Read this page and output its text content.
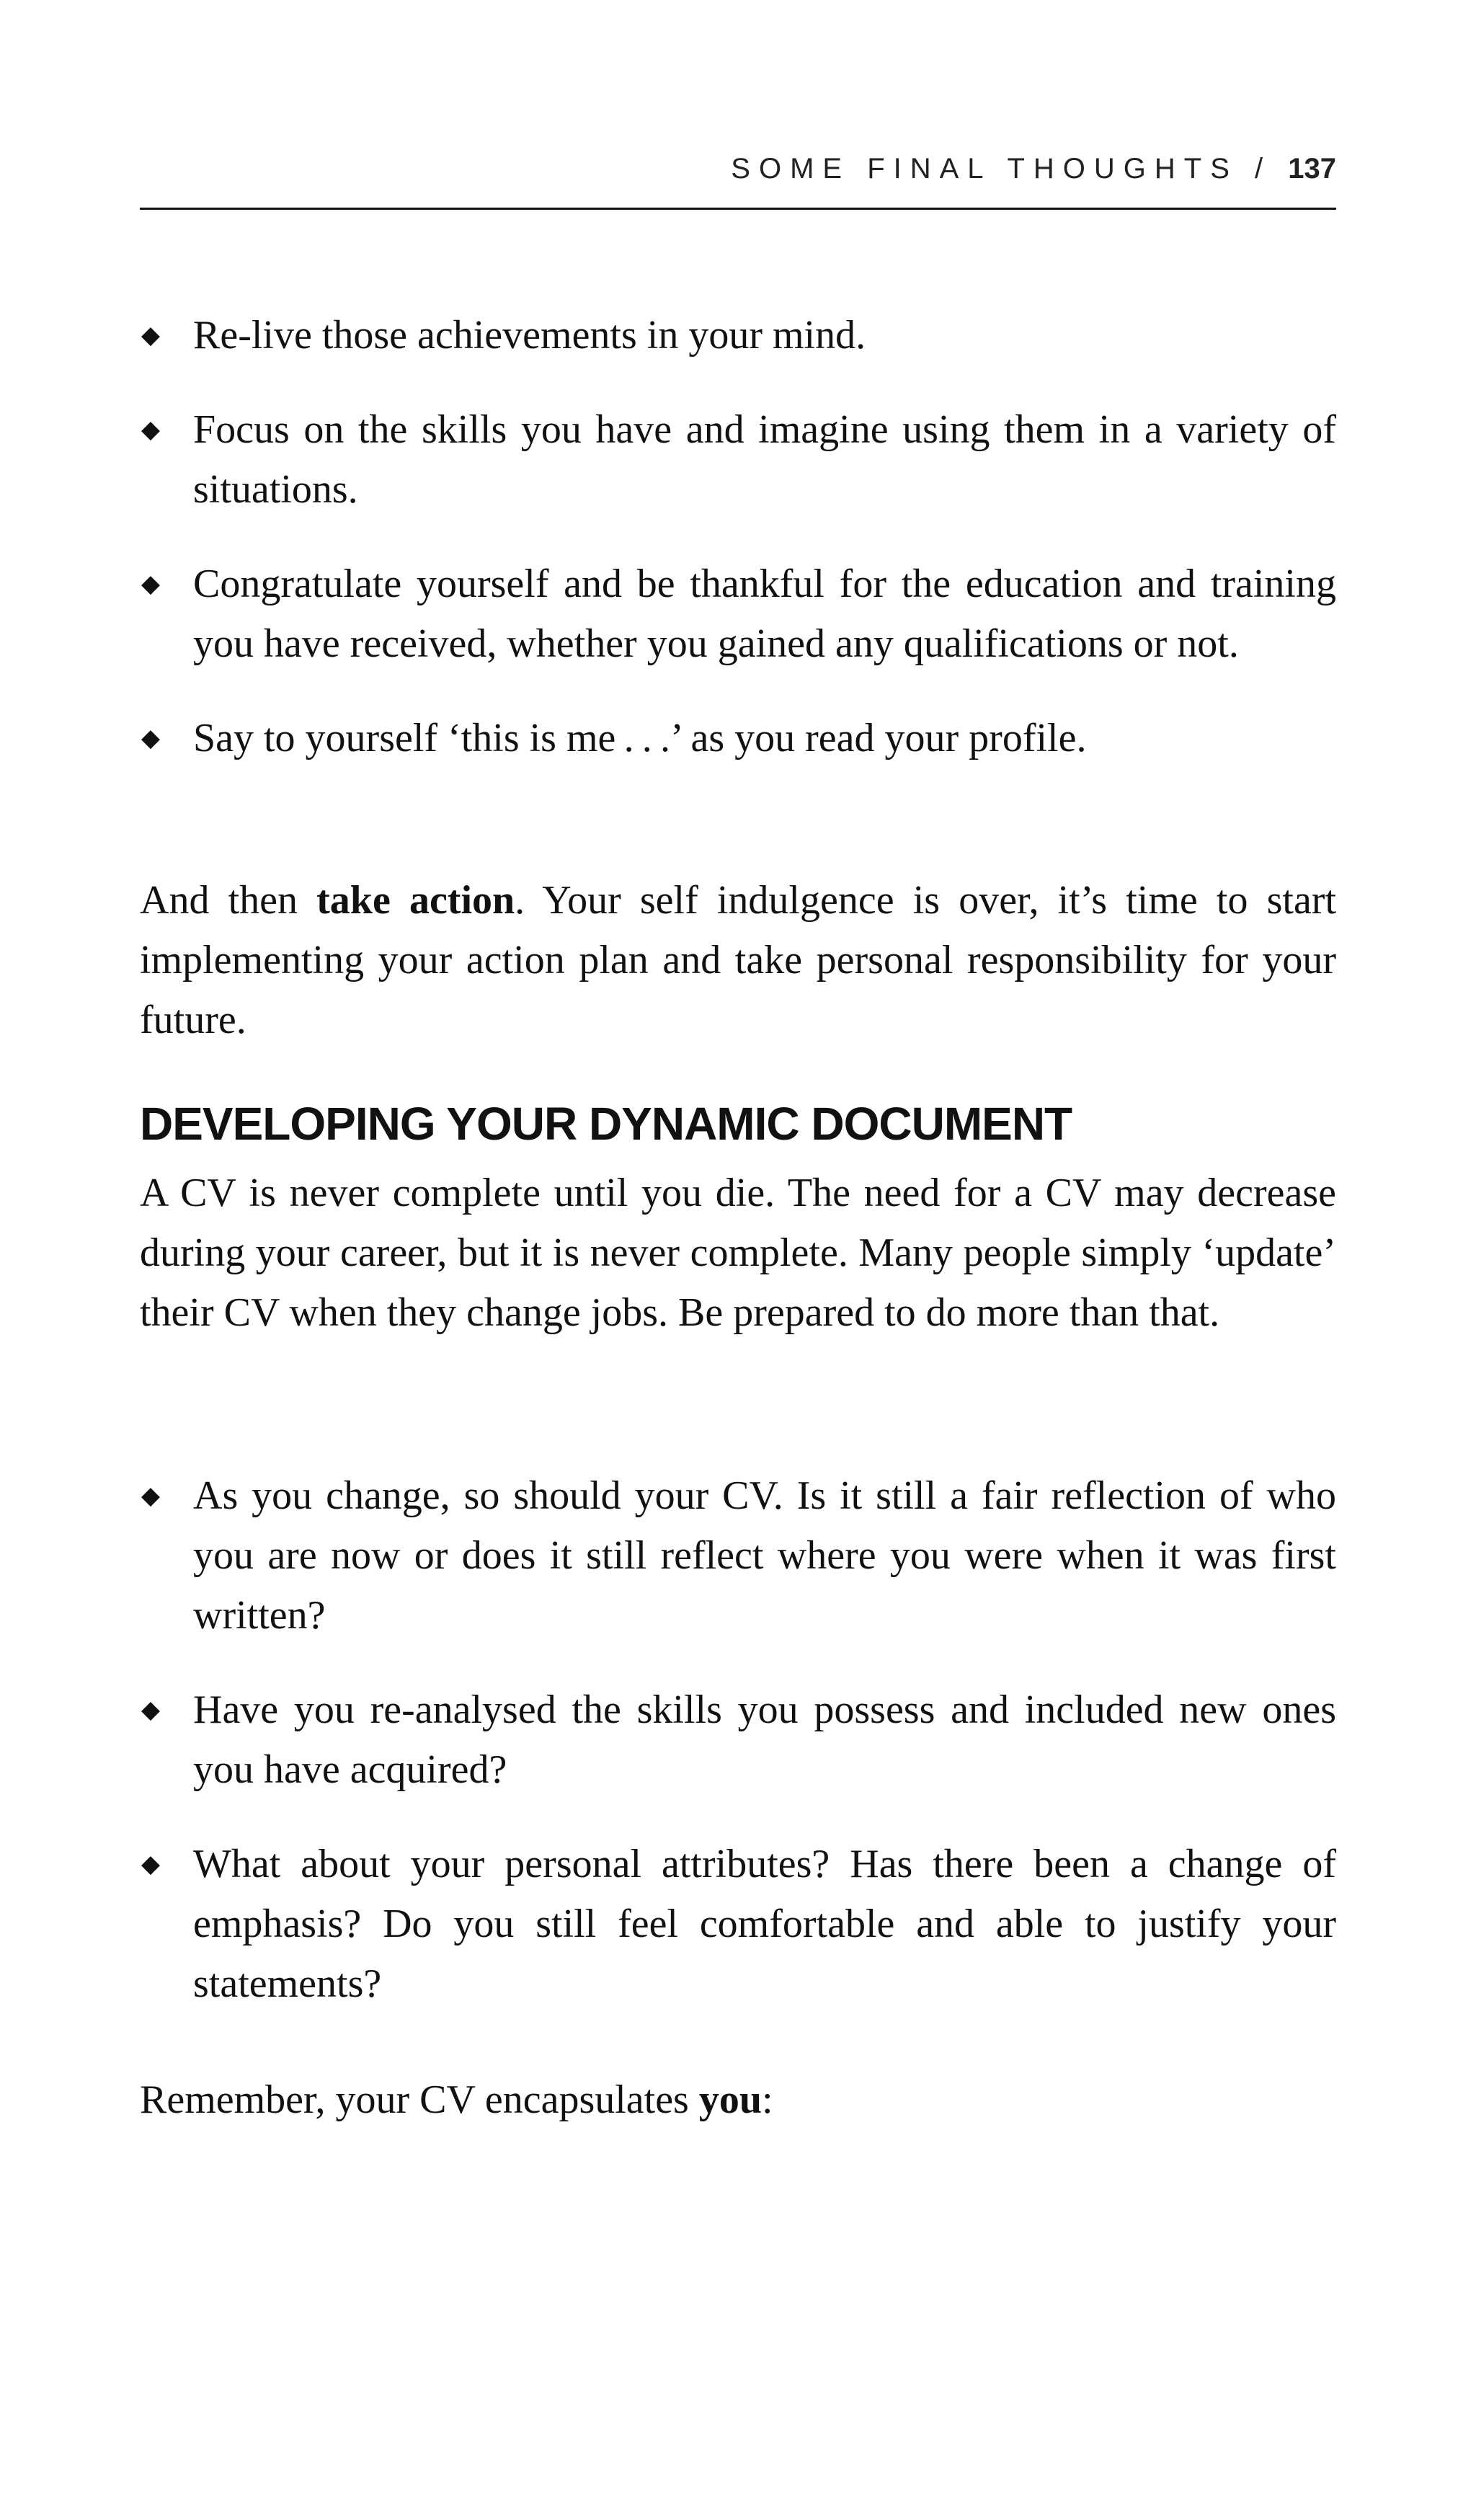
SOME FINAL THOUGHTS / 137
◆ Re-live those achievements in your mind.
◆ Focus on the skills you have and imagine using them in a variety of situations.
◆ Congratulate yourself and be thankful for the education and training you have received, whether you gained any qualifications or not.
◆ Say to yourself ‘this is me . . .’ as you read your profile.

And then take action. Your self indulgence is over, it’s time to start implementing your action plan and take personal responsibility for your future.

DEVELOPING YOUR DYNAMIC DOCUMENT

A CV is never complete until you die. The need for a CV may decrease during your career, but it is never complete. Many people simply ‘update’ their CV when they change jobs. Be prepared to do more than that.

◆ As you change, so should your CV. Is it still a fair reflection of who you are now or does it still reflect where you were when it was first written?
◆ Have you re-analysed the skills you possess and included new ones you have acquired?
◆ What about your personal attributes? Has there been a change of emphasis? Do you still feel comfortable and able to justify your statements?

Remember, your CV encapsulates you:
